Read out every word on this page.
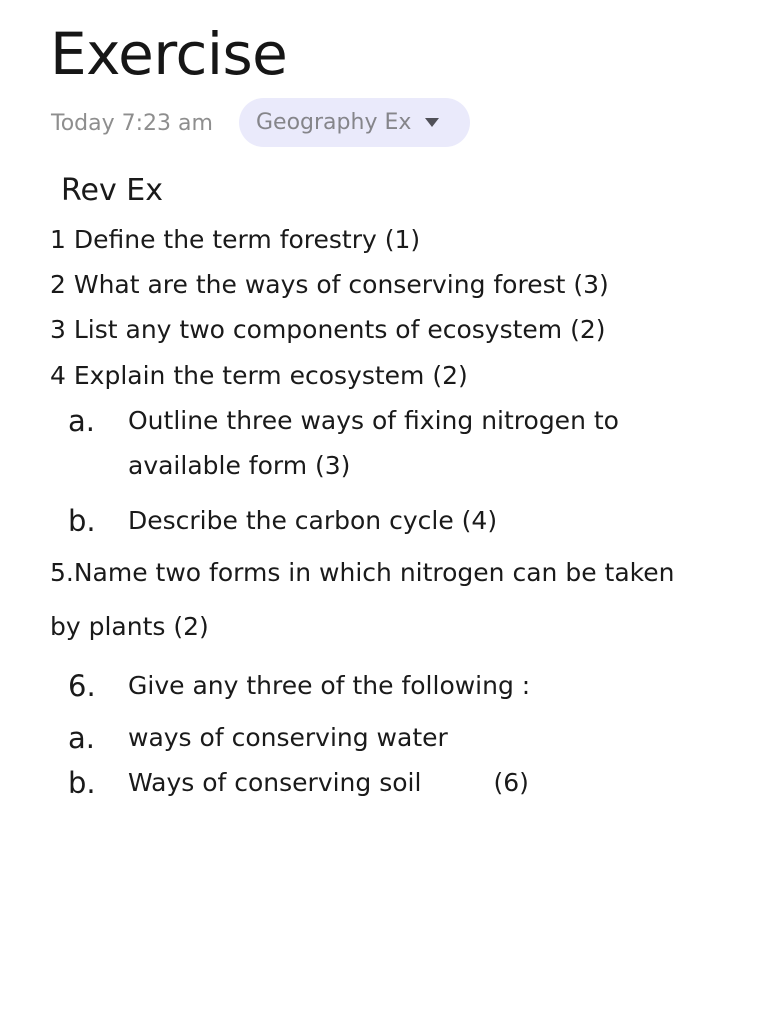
Exercise
Today 7:23 am Geography Ex
Rev Ex
1 Define the term forestry (1)
2 What are the ways of conserving forest (3)
3 List any two components of ecosystem (2)
4 Explain the term ecosystem (2)
a. Outline three ways of fixing nitrogen to
available form (3)
b. Describe the carbon cycle (4)
5.Name two forms in which nitrogen can be taken
by plants (2)
6. Give any three of the following :
a. ways of conserving water
b. Ways of conserving soil	(6)
